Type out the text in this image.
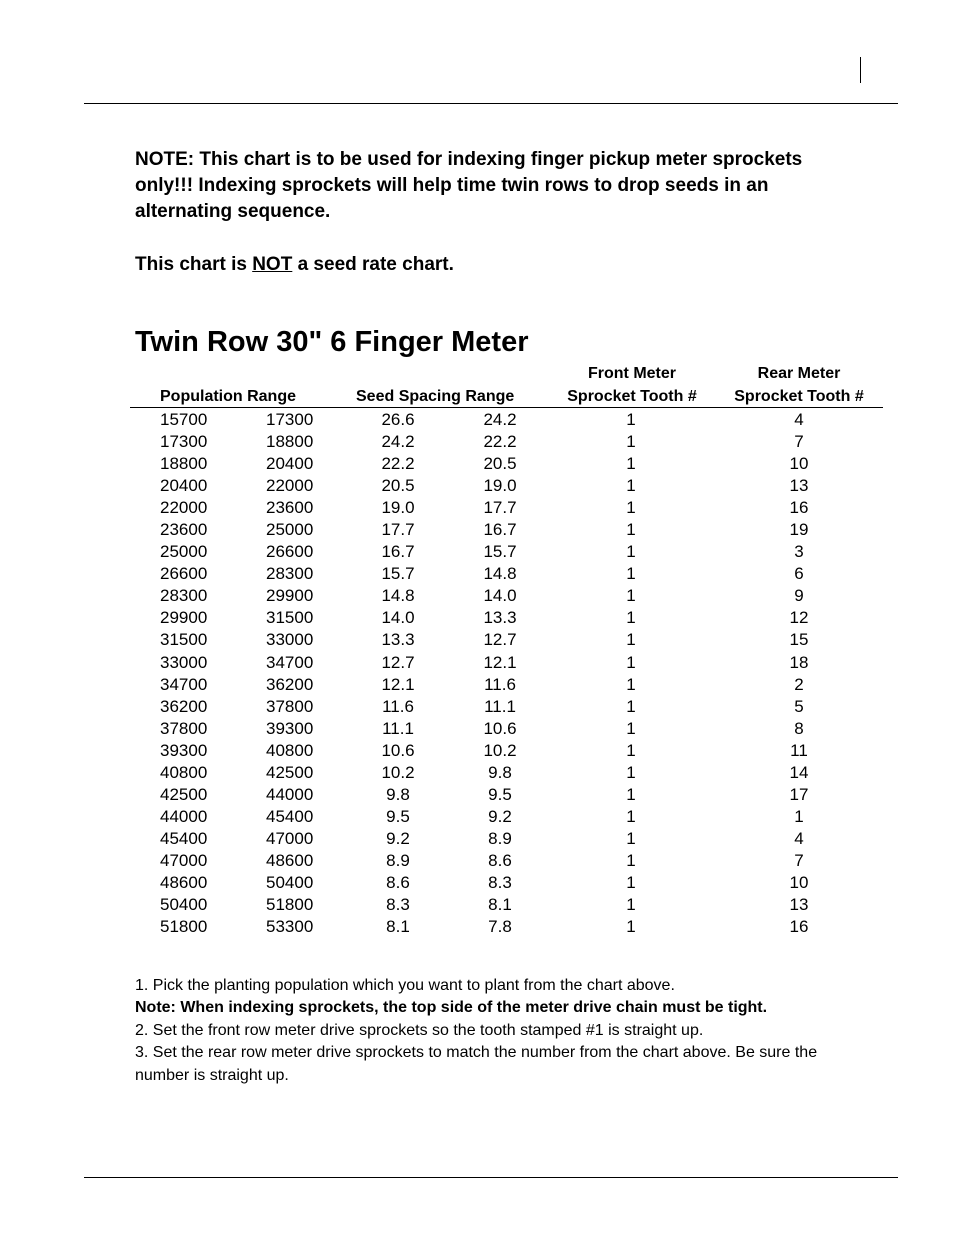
NOTE: This chart is to be used for indexing finger pickup meter sprockets only!!! Indexing sprockets will help time twin rows to drop seeds in an alternating sequence.

This chart is NOT a seed rate chart.

Twin Row 30" 6 Finger Meter
Front Meter	Rear Meter
Population Range	Seed Spacing Range	Sprocket Tooth #	Sprocket Tooth #
15700	17300	26.6	24.2	1	4
17300	18800	24.2	22.2	1	7
18800	20400	22.2	20.5	1	10
20400	22000	20.5	19.0	1	13
22000	23600	19.0	17.7	1	16
23600	25000	17.7	16.7	1	19
25000	26600	16.7	15.7	1	3
26600	28300	15.7	14.8	1	6
28300	29900	14.8	14.0	1	9
29900	31500	14.0	13.3	1	12
31500	33000	13.3	12.7	1	15
33000	34700	12.7	12.1	1	18
34700	36200	12.1	11.6	1	2
36200	37800	11.6	11.1	1	5
37800	39300	11.1	10.6	1	8
39300	40800	10.6	10.2	1	11
40800	42500	10.2	9.8	1	14
42500	44000	9.8	9.5	1	17
44000	45400	9.5	9.2	1	1
45400	47000	9.2	8.9	1	4
47000	48600	8.9	8.6	1	7
48600	50400	8.6	8.3	1	10
50400	51800	8.3	8.1	1	13
51800	53300	8.1	7.8	1	16

1. Pick the planting population which you want to plant from the chart above.

Note: When indexing sprockets, the top side of the meter drive chain must be tight.

2. Set the front row meter drive sprockets so the tooth stamped #1 is straight up.

3. Set the rear row meter drive sprockets to match the number from the chart above. Be sure the number is straight up.
